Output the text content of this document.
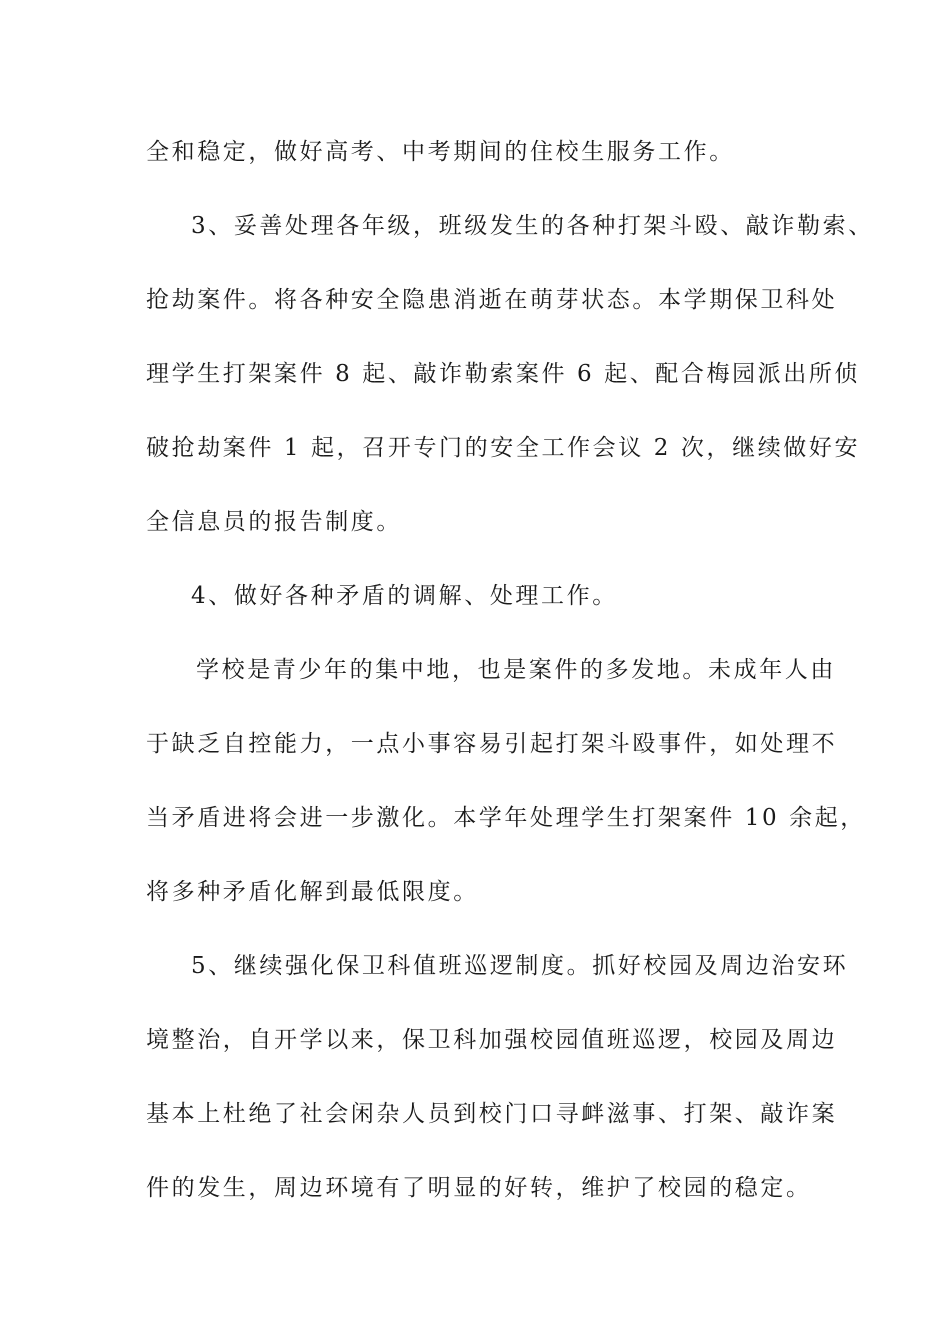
全和稳定，做好高考、中考期间的住校生服务工作。
3、妥善处理各年级，班级发生的各种打架斗殴、敲诈勒索、
抢劫案件。将各种安全隐患消逝在萌芽状态。本学期保卫科处
理学生打架案件 8 起、敲诈勒索案件 6 起、配合梅园派出所侦
破抢劫案件 1 起，召开专门的安全工作会议 2 次，继续做好安
全信息员的报告制度。
4、做好各种矛盾的调解、处理工作。
学校是青少年的集中地，也是案件的多发地。未成年人由
于缺乏自控能力，一点小事容易引起打架斗殴事件，如处理不
当矛盾进将会进一步激化。本学年处理学生打架案件 10 余起，
将多种矛盾化解到最低限度。
5、继续强化保卫科值班巡逻制度。抓好校园及周边治安环
境整治，自开学以来，保卫科加强校园值班巡逻，校园及周边
基本上杜绝了社会闲杂人员到校门口寻衅滋事、打架、敲诈案
件的发生，周边环境有了明显的好转，维护了校园的稳定。
